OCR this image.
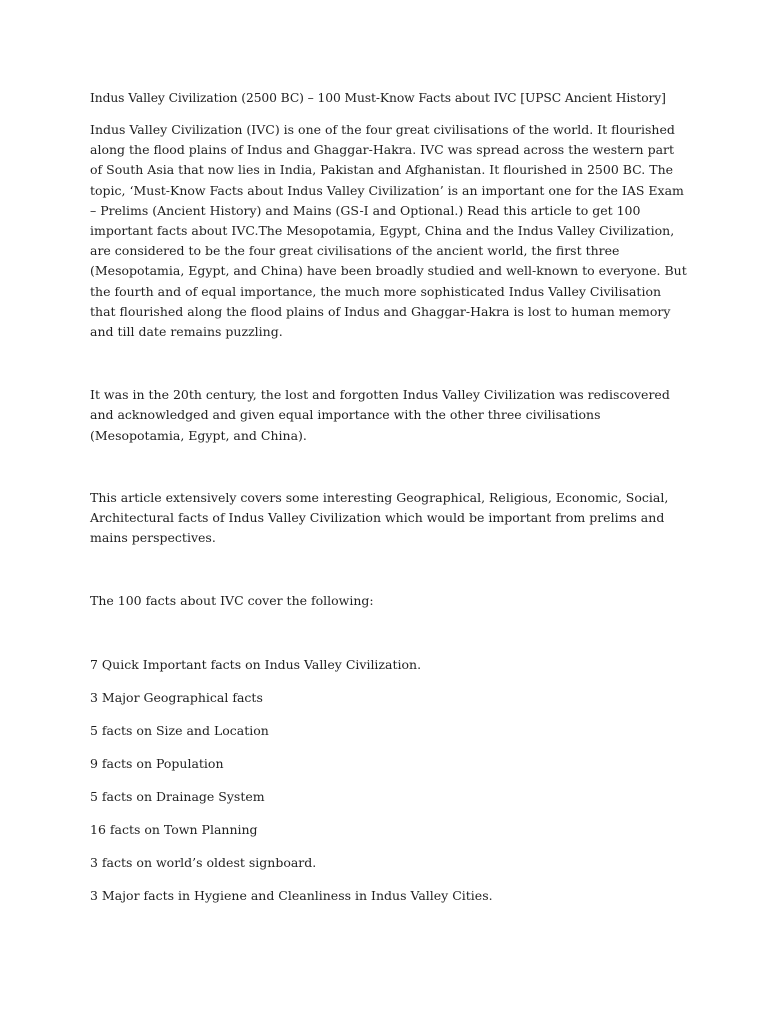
Indus Valley Civilization (2500 BC) – 100 Must-Know Facts about IVC [UPSC Ancient History]

Indus Valley Civilization (IVC) is one of the four great civilisations of the world. It flourished along the flood plains of Indus and Ghaggar-Hakra. IVC was spread across the western part of South Asia that now lies in India, Pakistan and Afghanistan. It flourished in 2500 BC. The topic, ‘Must-Know Facts about Indus Valley Civilization’ is an important one for the IAS Exam – Prelims (Ancient History) and Mains (GS-I and Optional.) Read this article to get 100 important facts about IVC.The Mesopotamia, Egypt, China and the Indus Valley Civilization, are considered to be the four great civilisations of the ancient world, the first three (Mesopotamia, Egypt, and China) have been broadly studied and well-known to everyone. But the fourth and of equal importance, the much more sophisticated Indus Valley Civilisation that flourished along the flood plains of Indus and Ghaggar-Hakra is lost to human memory and till date remains puzzling.

It was in the 20th century, the lost and forgotten Indus Valley Civilization was rediscovered and acknowledged and given equal importance with the other three civilisations (Mesopotamia, Egypt, and China).

This article extensively covers some interesting Geographical, Religious, Economic, Social, Architectural facts of Indus Valley Civilization which would be important from prelims and mains perspectives.

The 100 facts about IVC cover the following:

7 Quick Important facts on Indus Valley Civilization.
3 Major Geographical facts
5 facts on Size and Location
9 facts on Population
5 facts on Drainage System
16 facts on Town Planning
3 facts on world’s oldest signboard.
3 Major facts in Hygiene and Cleanliness in Indus Valley Cities.
